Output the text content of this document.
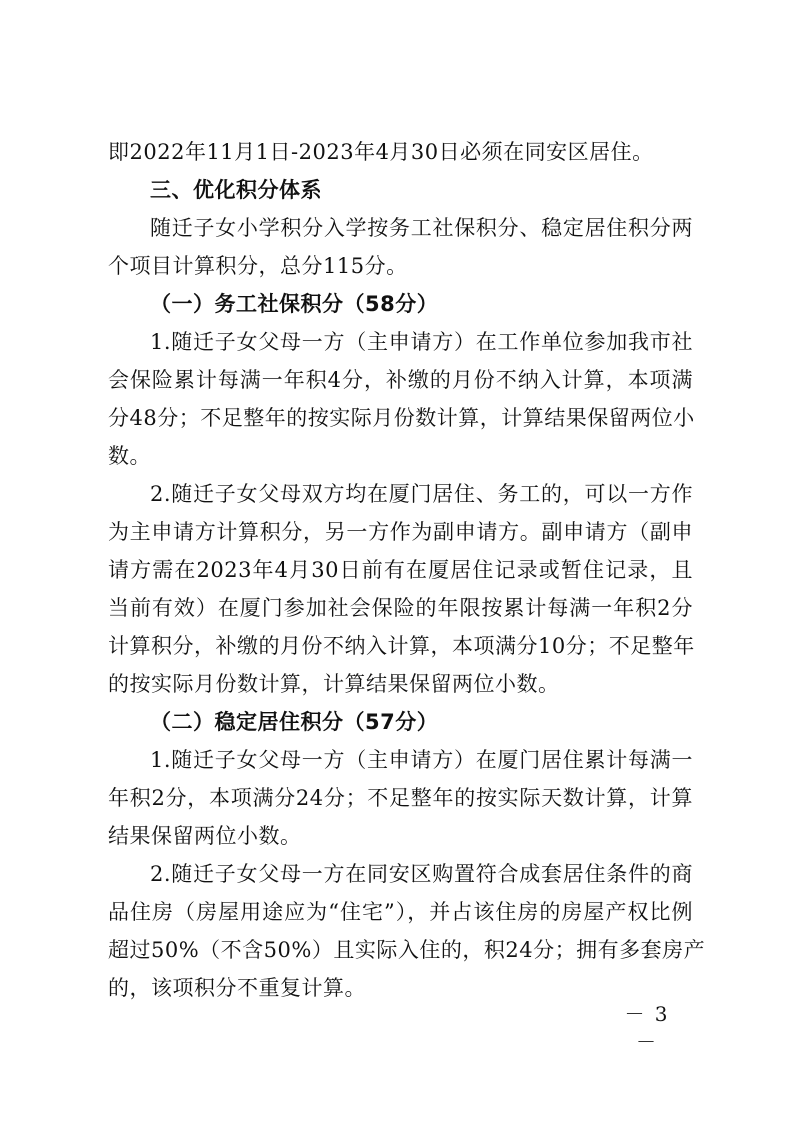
即2022年11月1日-2023年4月30日必须在同安区居住。
三、优化积分体系
随迁子女小学积分入学按务工社保积分、稳定居住积分两
个项目计算积分，总分115分。
（一）务工社保积分（58分）
1.随迁子女父母一方（主申请方）在工作单位参加我市社
会保险累计每满一年积4分，补缴的月份不纳入计算，本项满
分48分；不足整年的按实际月份数计算，计算结果保留两位小
数。
2.随迁子女父母双方均在厦门居住、务工的，可以一方作
为主申请方计算积分，另一方作为副申请方。副申请方（副申
请方需在2023年4月30日前有在厦居住记录或暂住记录，且
当前有效）在厦门参加社会保险的年限按累计每满一年积2分
计算积分，补缴的月份不纳入计算，本项满分10分；不足整年
的按实际月份数计算，计算结果保留两位小数。
（二）稳定居住积分（57分）
1.随迁子女父母一方（主申请方）在厦门居住累计每满一
年积2分，本项满分24分；不足整年的按实际天数计算，计算
结果保留两位小数。
2.随迁子女父母一方在同安区购置符合成套居住条件的商
品住房（房屋用途应为“住宅”），并占该住房的房屋产权比例
超过50%（不含50%）且实际入住的，积24分；拥有多套房产
的，该项积分不重复计算。
－ 3 －
